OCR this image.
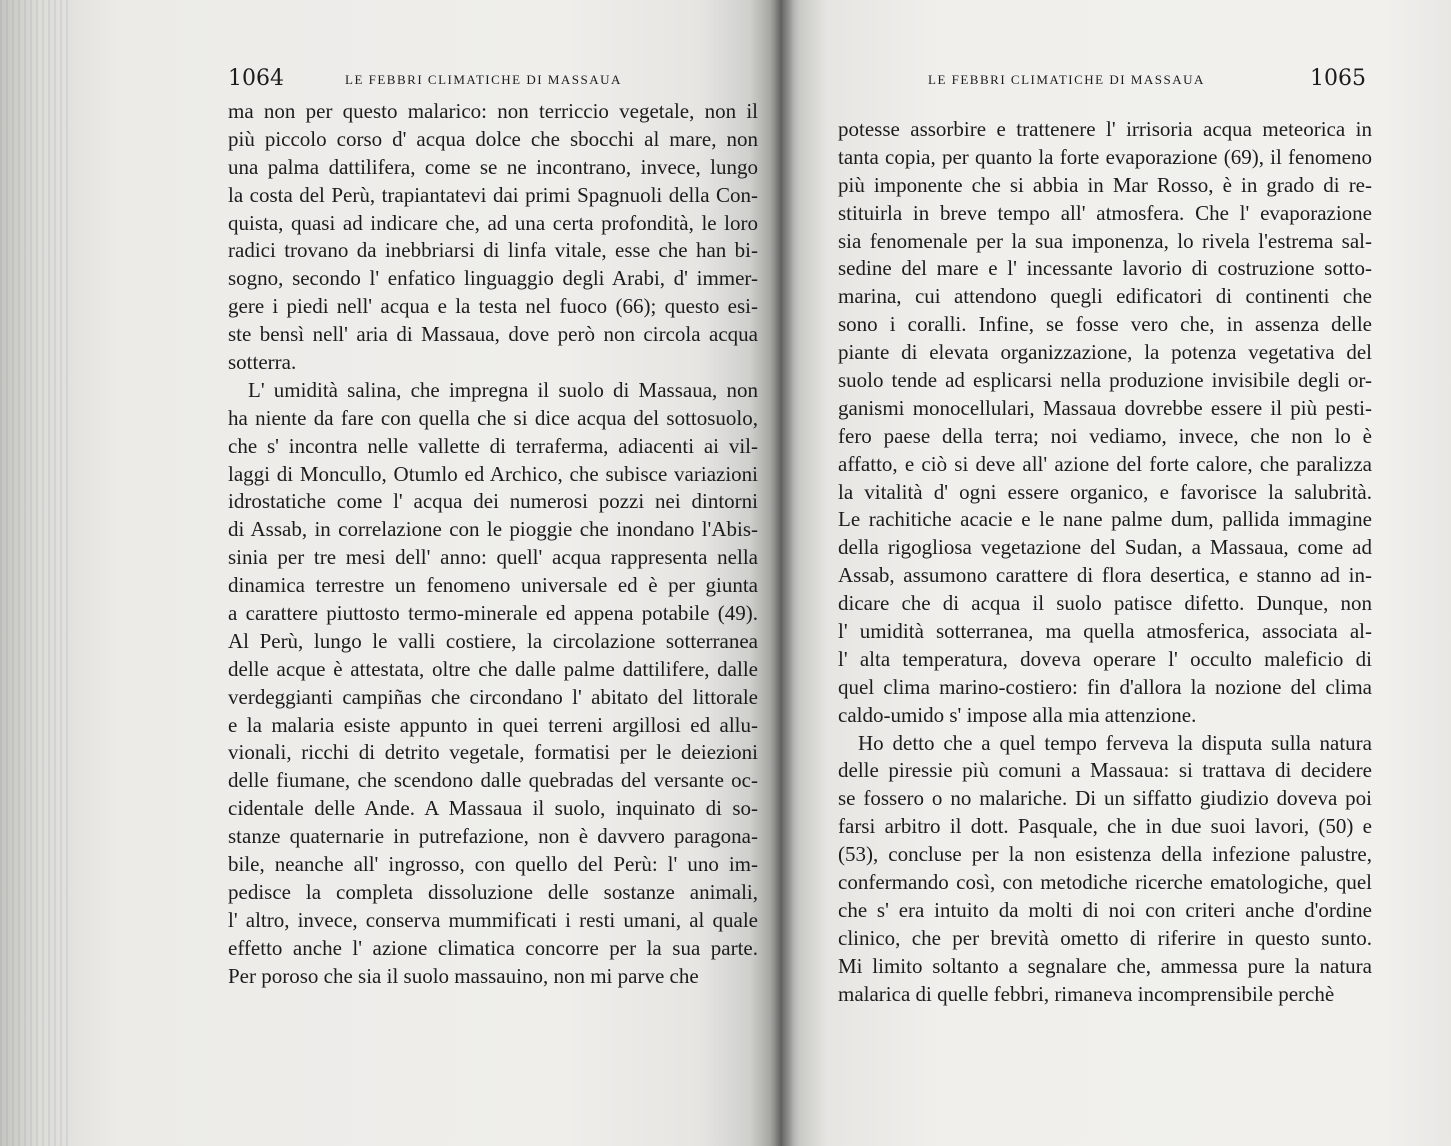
1064	LE FEBBRI CLIMATICHE DI MASSAUA
ma non per questo malarico: non terriccio vegetale, non il
più piccolo corso d' acqua dolce che sbocchi al mare, non
una palma dattilifera, come se ne incontrano, invece, lungo
la costa del Perù, trapiantatevi dai primi Spagnuoli della Con-
quista, quasi ad indicare che, ad una certa profondità, le loro
radici trovano da inebbriarsi di linfa vitale, esse che han bi-
sogno, secondo l' enfatico linguaggio degli Arabi, d' immer-
gere i piedi nell' acqua e la testa nel fuoco (66); questo esi-
ste bensì nell' aria di Massaua, dove però non circola acqua
sotterra.
L' umidità salina, che impregna il suolo di Massaua, non
ha niente da fare con quella che si dice acqua del sottosuolo,
che s' incontra nelle vallette di terraferma, adiacenti ai vil-
laggi di Moncullo, Otumlo ed Archico, che subisce variazioni
idrostatiche come l' acqua dei numerosi pozzi nei dintorni
di Assab, in correlazione con le pioggie che inondano l'Abis-
sinia per tre mesi dell' anno: quell' acqua rappresenta nella
dinamica terrestre un fenomeno universale ed è per giunta
a carattere piuttosto termo-minerale ed appena potabile (49).
Al Perù, lungo le valli costiere, la circolazione sotterranea
delle acque è attestata, oltre che dalle palme dattilifere, dalle
verdeggianti campiñas che circondano l' abitato del littorale
e la malaria esiste appunto in quei terreni argillosi ed allu-
vionali, ricchi di detrito vegetale, formatisi per le deiezioni
delle fiumane, che scendono dalle quebradas del versante oc-
cidentale delle Ande. A Massaua il suolo, inquinato di so-
stanze quaternarie in putrefazione, non è davvero paragona-
bile, neanche all' ingrosso, con quello del Perù: l' uno im-
pedisce la completa dissoluzione delle sostanze animali,
l' altro, invece, conserva mummificati i resti umani, al quale
effetto anche l' azione climatica concorre per la sua parte.
Per poroso che sia il suolo massauino, non mi parve che
LE FEBBRI CLIMATICHE DI MASSAUA	1065
potesse assorbire e trattenere l' irrisoria acqua meteorica in
tanta copia, per quanto la forte evaporazione (69), il fenomeno
più imponente che si abbia in Mar Rosso, è in grado di re-
stituirla in breve tempo all' atmosfera. Che l' evaporazione
sia fenomenale per la sua imponenza, lo rivela l'estrema sal-
sedine del mare e l' incessante lavorio di costruzione sotto-
marina, cui attendono quegli edificatori di continenti che
sono i coralli. Infine, se fosse vero che, in assenza delle
piante di elevata organizzazione, la potenza vegetativa del
suolo tende ad esplicarsi nella produzione invisibile degli or-
ganismi monocellulari, Massaua dovrebbe essere il più pesti-
fero paese della terra; noi vediamo, invece, che non lo è
affatto, e ciò si deve all' azione del forte calore, che paralizza
la vitalità d' ogni essere organico, e favorisce la salubrità.
Le rachitiche acacie e le nane palme dum, pallida immagine
della rigogliosa vegetazione del Sudan, a Massaua, come ad
Assab, assumono carattere di flora desertica, e stanno ad in-
dicare che di acqua il suolo patisce difetto. Dunque, non
l' umidità sotterranea, ma quella atmosferica, associata al-
l' alta temperatura, doveva operare l' occulto maleficio di
quel clima marino-costiero: fin d'allora la nozione del clima
caldo-umido s' impose alla mia attenzione.
Ho detto che a quel tempo ferveva la disputa sulla natura
delle piressie più comuni a Massaua: si trattava di decidere
se fossero o no malariche. Di un siffatto giudizio doveva poi
farsi arbitro il dott. Pasquale, che in due suoi lavori, (50) e
(53), concluse per la non esistenza della infezione palustre,
confermando così, con metodiche ricerche ematologiche, quel
che s' era intuito da molti di noi con criteri anche d'ordine
clinico, che per brevità ometto di riferire in questo sunto.
Mi limito soltanto a segnalare che, ammessa pure la natura
malarica di quelle febbri, rimaneva incomprensibile perchè
